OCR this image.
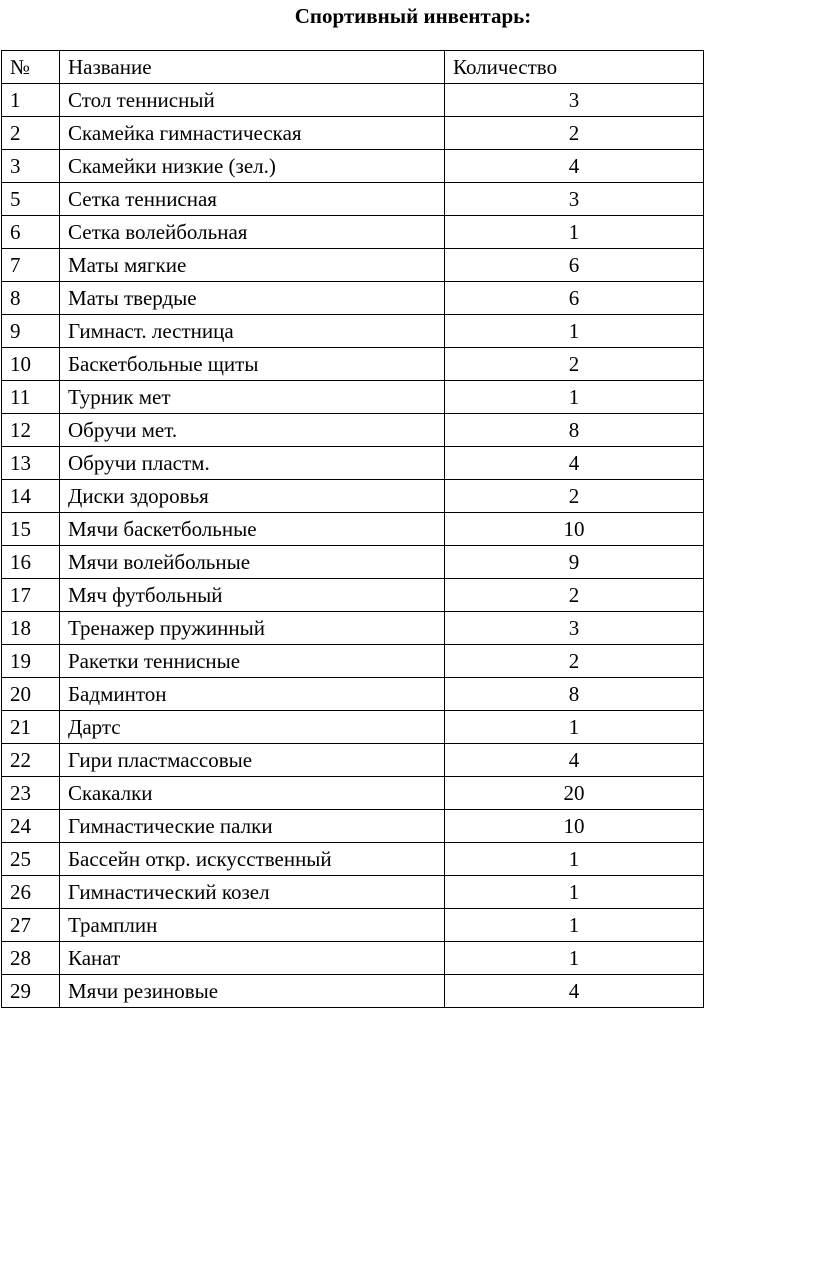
Спортивный инвентарь:
№	Название	Количество
1	Стол теннисный	3
2	Скамейка гимнастическая	2
3	Скамейки низкие (зел.)	4
5	Сетка теннисная	3
6	Сетка волейбольная	1
7	Маты мягкие	6
8	Маты твердые	6
9	Гимнаст. лестница	1
10	Баскетбольные щиты	2
11	Турник мет	1
12	Обручи мет.	8
13	Обручи пластм.	4
14	Диски здоровья	2
15	Мячи баскетбольные	10
16	Мячи волейбольные	9
17	Мяч футбольный	2
18	Тренажер пружинный	3
19	Ракетки теннисные	2
20	Бадминтон	8
21	Дартс	1
22	Гири пластмассовые	4
23	Скакалки	20
24	Гимнастические палки	10
25	Бассейн откр. искусственный	1
26	Гимнастический козел	1
27	Трамплин	1
28	Канат	1
29	Мячи резиновые	4
